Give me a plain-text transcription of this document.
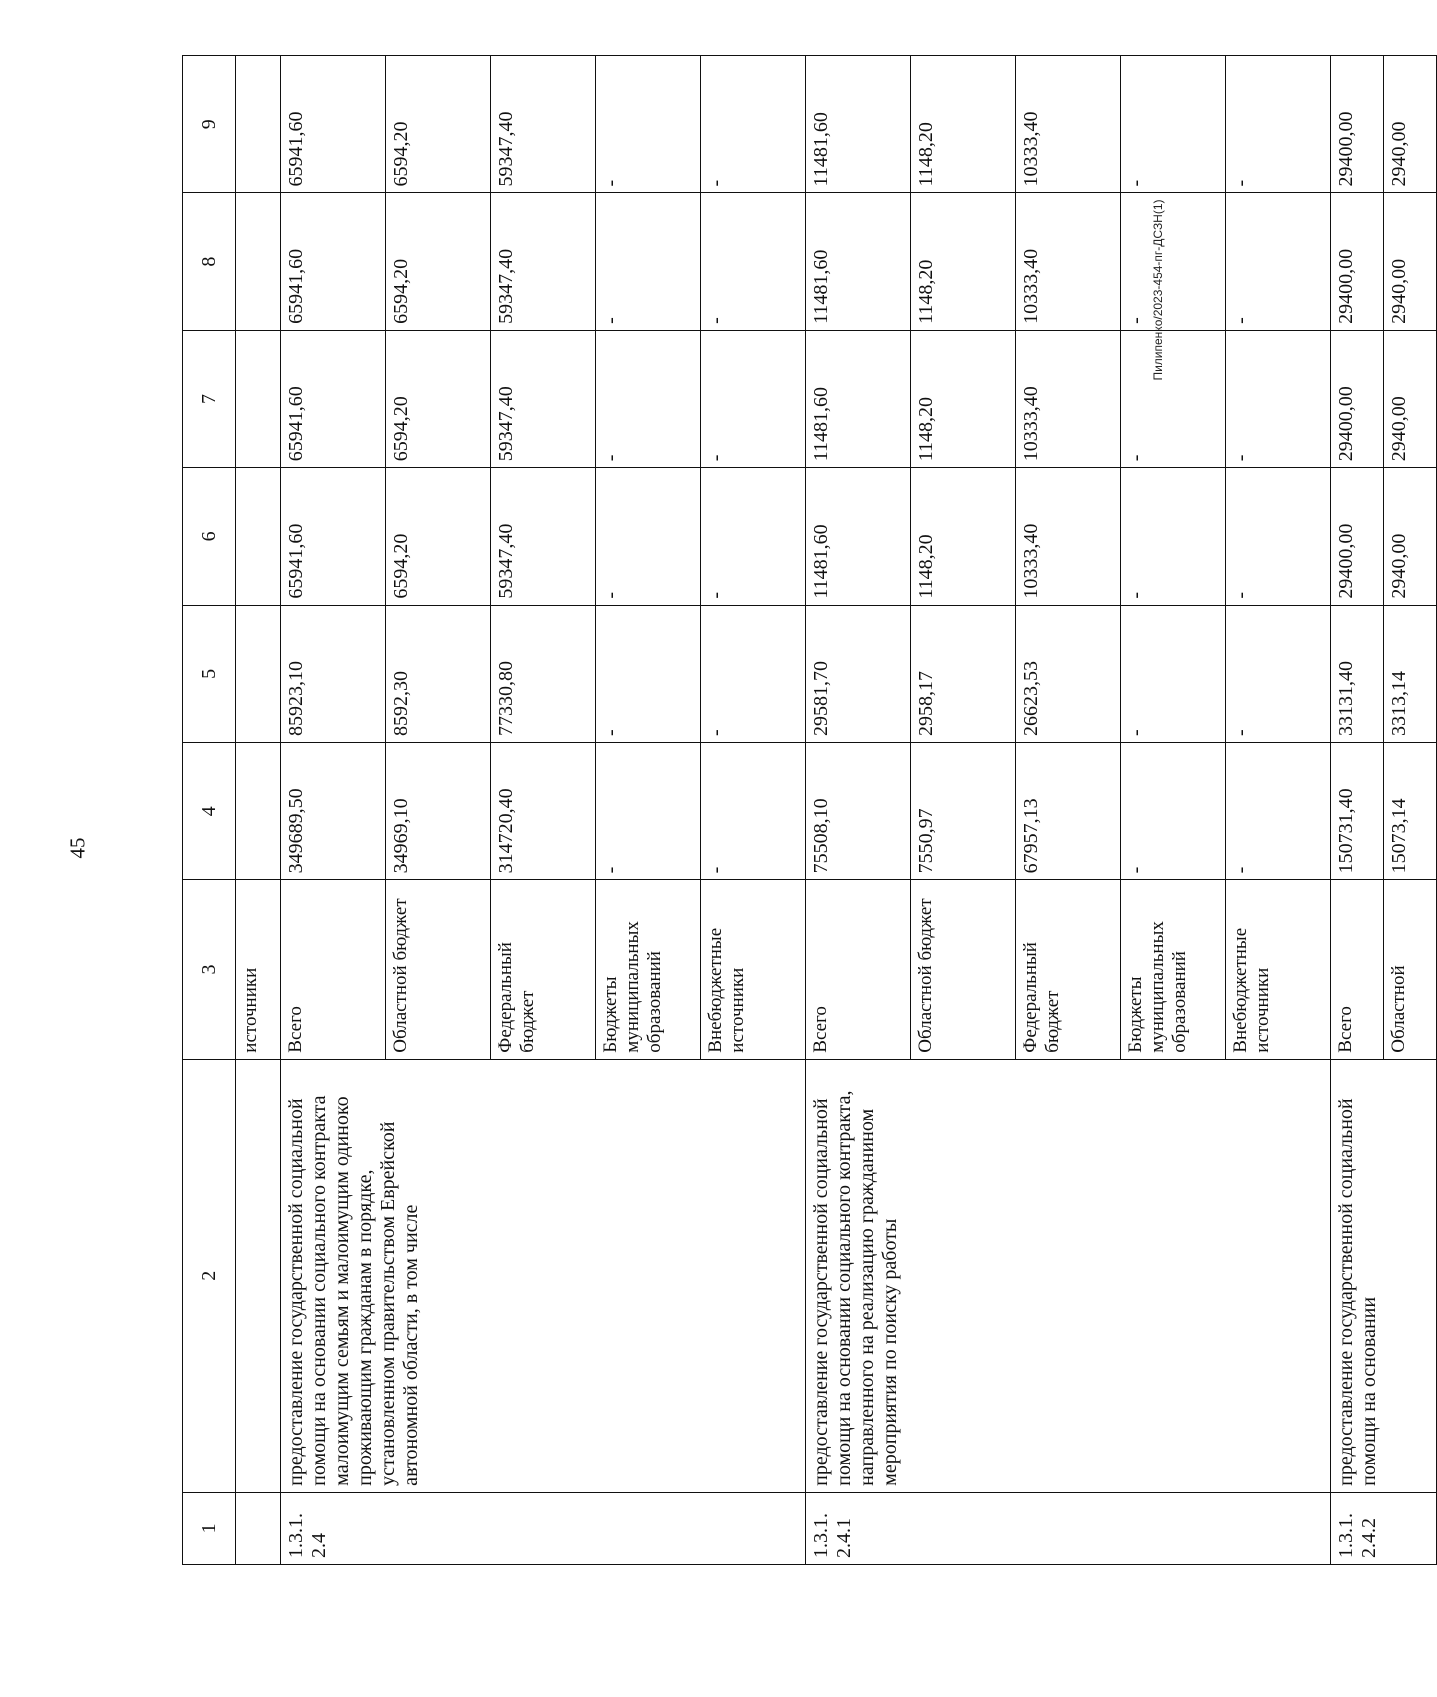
45
Пилипенко/2023-454-пг-ДСЗН(1)
1	2	3	4	5	6	7	8	9
		источники						
1.3.1.
2.4	предоставление государственной социальной помощи на основании социального контракта малоимущим семьям и малоимущим одиноко проживающим гражданам в порядке, установленном правительством Еврейской автономной области, в том числе	Всего	349689,50	85923,10	65941,60	65941,60	65941,60	65941,60
		Областной бюджет	34969,10	8592,30	6594,20	6594,20	6594,20	6594,20
		Федеральный бюджет	314720,40	77330,80	59347,40	59347,40	59347,40	59347,40
		Бюджеты муниципальных образований	-	-	-	-	-	-
		Внебюджетные источники	-	-	-	-	-	-
1.3.1.
2.4.1	предоставление государственной социальной помощи на основании социального контракта, направленного на реализацию гражданином мероприятия по поиску работы	Всего	75508,10	29581,70	11481,60	11481,60	11481,60	11481,60
		Областной бюджет	7550,97	2958,17	1148,20	1148,20	1148,20	1148,20
		Федеральный бюджет	67957,13	26623,53	10333,40	10333,40	10333,40	10333,40
		Бюджеты муниципальных образований	-	-	-	-	-	-
		Внебюджетные источники	-	-	-	-	-	-
1.3.1.
2.4.2	предоставление государственной социальной помощи на основании	Всего	150731,40	33131,40	29400,00	29400,00	29400,00	29400,00
		Областной	15073,14	3313,14	2940,00	2940,00	2940,00	2940,00
